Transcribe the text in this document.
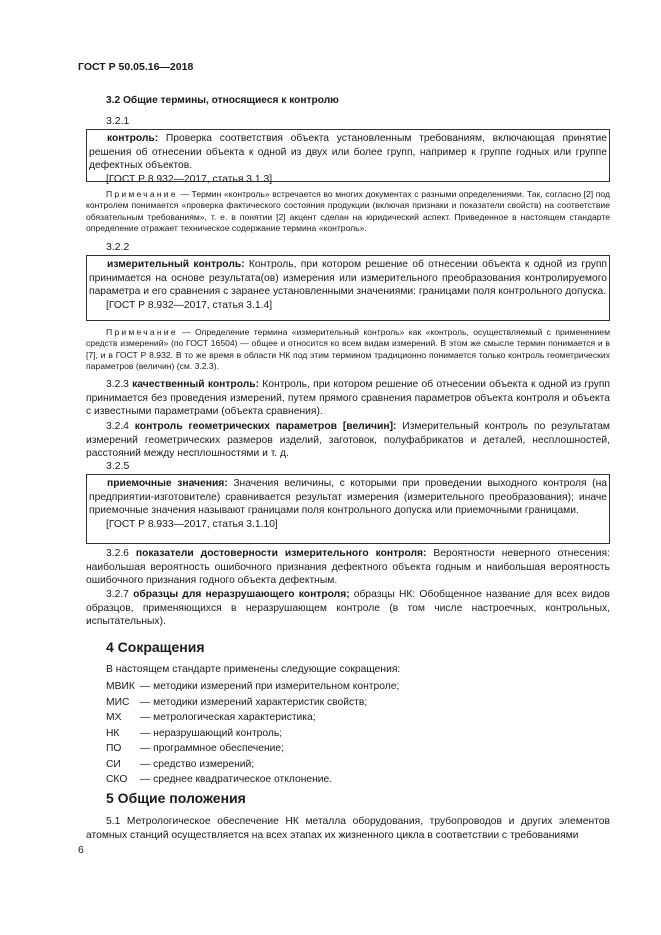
ГОСТ Р 50.05.16—2018
3.2 Общие термины, относящиеся к контролю
3.2.1

контроль: Проверка соответствия объекта установленным требованиям, включающая принятие решения об отнесении объекта к одной из двух или более групп, например к группе годных или группе дефектных объектов.

[ГОСТ Р 8.932—2017, статья 3.1.3]

Примечание — Термин «контроль» встречается во многих документах с разными определениями. Так, согласно [2] под контролем понимается «проверка фактического состояния продукции (включая признаки и показатели свойств) на соответствие обязательным требованиям», т. е. в понятии [2] акцент сделан на юридический аспект. Приведенное в настоящем стандарте определение отражает техническое содержание термина «контроль».
3.2.2

измерительный контроль: Контроль, при котором решение об отнесении объекта к одной из групп принимается на основе результата(ов) измерения или измерительного преобразования контролируемого параметра и его сравнения с заранее установленными значениями: границами поля контрольного допуска.

[ГОСТ Р 8.932—2017, статья 3.1.4]

Примечание — Определение термина «измерительный контроль» как «контроль, осуществляемый с применением средств измерений» (по ГОСТ 16504) — общее и относится ко всем видам измерений. В этом же смысле термин понимается и в [7], и в ГОСТ Р 8.932. В то же время в области НК под этим термином традиционно понимается только контроль геометрических параметров (величин) (см. 3.2.3).
3.2.3 качественный контроль: Контроль, при котором решение об отнесении объекта к одной из групп принимается без проведения измерений, путем прямого сравнения параметров объекта контроля и объекта с известными параметрами (объекта сравнения).
3.2.4 контроль геометрических параметров [величин]: Измерительный контроль по результатам измерений геометрических размеров изделий, заготовок, полуфабрикатов и деталей, несплошностей, расстояний между несплошностями и т. д.
3.2.5

приемочные значения: Значения величины, с которыми при проведении выходного контроля (на предприятии-изготовителе) сравнивается результат измерения (измерительного преобразования); иначе приемочные значения называют границами поля контрольного допуска или приемочными границами.

[ГОСТ Р 8.933—2017, статья 3.1.10]

3.2.6 показатели достоверности измерительного контроля: Вероятности неверного отнесения: наибольшая вероятность ошибочного признания дефектного объекта годным и наибольшая вероятность ошибочного признания годного объекта дефектным.
3.2.7 образцы для неразрушающего контроля; образцы НК: Обобщенное название для всех видов образцов, применяющихся в неразрушающем контроле (в том числе настроечных, контрольных, испытательных).
4 Сокращения
В настоящем стандарте применены следующие сокращения:
МВИК — методики измерений при измерительном контроле;
МИС	— методики измерений характеристик свойств;
МХ	— метрологическая характеристика;
НК	— неразрушающий контроль;
ПО	— программное обеспечение;
СИ	— средство измерений;
СКО	— среднее квадратическое отклонение.
5 Общие положения
5.1 Метрологическое обеспечение НК металла оборудования, трубопроводов и других элементов атомных станций осуществляется на всех этапах их жизненного цикла в соответствии с требованиями
6
